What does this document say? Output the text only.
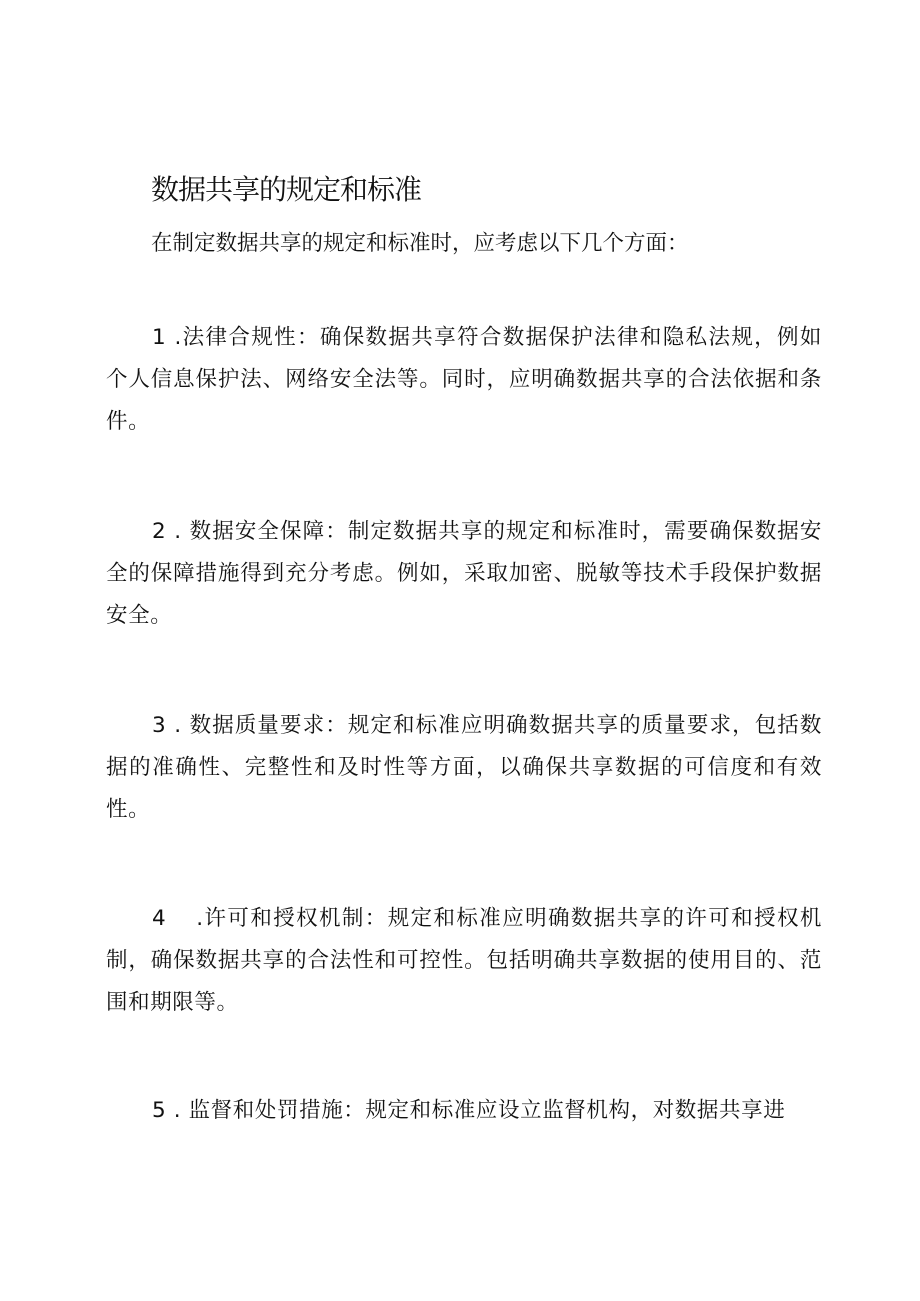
数据共享的规定和标准
在制定数据共享的规定和标准时，应考虑以下几个方面：
1 .法律合规性：确保数据共享符合数据保护法律和隐私法规，例如个人信息保护法、网络安全法等。同时，应明确数据共享的合法依据和条件。
2 . 数据安全保障：制定数据共享的规定和标准时，需要确保数据安全的保障措施得到充分考虑。例如，采取加密、脱敏等技术手段保护数据安全。
3 . 数据质量要求：规定和标准应明确数据共享的质量要求，包括数据的准确性、完整性和及时性等方面，以确保共享数据的可信度和有效性。
4 .许可和授权机制：规定和标准应明确数据共享的许可和授权机制，确保数据共享的合法性和可控性。包括明确共享数据的使用目的、范围和期限等。
5 . 监督和处罚措施：规定和标准应设立监督机构，对数据共享进
